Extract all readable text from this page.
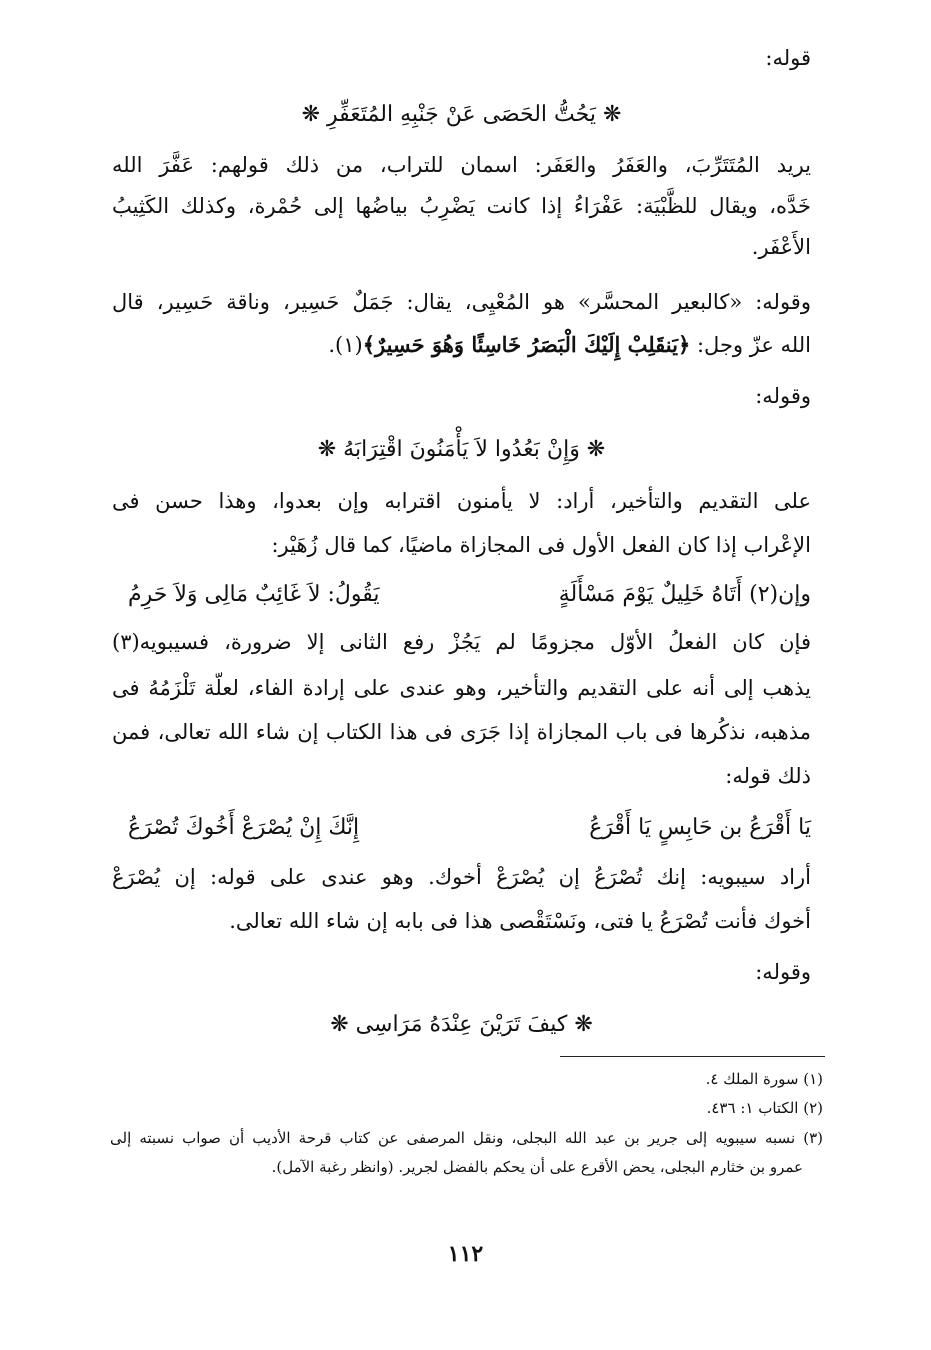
قوله:
❋ يَحُتُّ الحَصَى عَنْ جَنْبِهِ المُتَعَفِّرِ ❋
يريد المُتَتَرِّبَ، والعَفَرُ والعَفَر: اسمان للتراب، من ذلك قولهم: عَفَّرَ الله
خَدَّه، ويقال للظَّبْيَة: عَفْرَاءُ إذا كانت يَضْرِبُ بياضُها إلى حُمْرة، وكذلك الكَثِيبُ
الأَعْفَر.
وقوله: «كالبعير المحسَّر» هو المُعْيِى، يقال: جَمَلٌ حَسِير، وناقة حَسِير، قال
الله عزّ وجل: ﴿يَنقَلِبْ إِلَيْكَ الْبَصَرُ خَاسِئًا وَهُوَ حَسِيرٌ﴾(١).
وقوله:
❋ وَإِنْ بَعُدُوا لاَ يَأْمَنُونَ اقْتِرَابَهُ ❋
على التقديم والتأخير، أراد: لا يأمنون اقترابه وإن بعدوا، وهذا حسن فى
الإعْراب إذا كان الفعل الأول فى المجازاة ماضيًا، كما قال زُهَيْر:
وإن(٢) أَتَاهُ خَلِيلٌ يَوْمَ مَسْأَلَةٍ
يَقُولُ: لاَ غَائِبٌ مَالِى وَلاَ حَرِمُ
فإن كان الفعلُ الأوّل مجزومًا لم يَجُزْ رفع الثانى إلا ضرورة، فسيبويه(٣)
يذهب إلى أنه على التقديم والتأخير، وهو عندى على إرادة الفاء، لعلّة تَلْزَمُهُ فى
مذهبه، نذكُرها فى باب المجازاة إذا جَرَى فى هذا الكتاب إن شاء الله تعالى، فمن
ذلك قوله:
يَا أَقْرَعُ بن حَابِسٍ يَا أَقْرَعُ
إِنَّكَ إِنْ يُصْرَعْ أَخُوكَ تُصْرَعُ
أراد سيبويه: إنك تُصْرَعُ إن يُصْرَعْ أخوك. وهو عندى على قوله: إن يُصْرَعْ
أخوك فأنت تُصْرَعُ يا فتى، ونَسْتَقْصى هذا فى بابه إن شاء الله تعالى.
وقوله:
❋ كيفَ تَرَيْنَ عِنْدَهُ مَرَاسِى ❋
(١) سورة الملك ٤.
(٢) الكتاب ١: ٤٣٦.
(٣) نسبه سيبويه إلى جرير بن عبد الله البجلى، ونقل المرصفى عن كتاب قرحة الأديب أن صواب نسبته إلى
عمرو بن خثارم البجلى، يحض الأقرع على أن يحكم بالفضل لجرير. (وانظر رغبة الآمل).
١١٢
